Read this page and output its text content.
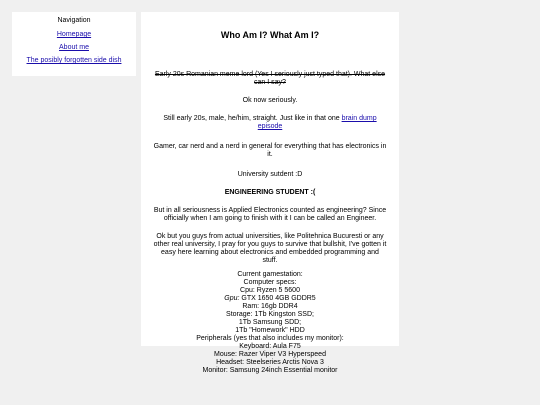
Navigation
Homepage
About me
The posibly forgotten side dish
Who Am I? What Am I?

Early 20s Romanian meme lord (Yes I seriously just typed that). What else can I say?

Ok now seriously.

Still early 20s, male, he/him, straight. Just like in that one brain dump episode

Gamer, car nerd and a nerd in general for everything that has electronics in it.

University sutdent :D

ENGINEERING STUDENT :(

But in all seriousness is Applied Electronics counted as engineering? Since officially when I am going to finish with it I can be called an Engineer.

Ok but you guys from actual universities, like Politehnica Bucuresti or any other real university, I pray for you guys to survive that bullshit, I've gotten it easy here learning about electronics and embedded programming and stuff.

Current gamestation:
Computer specs:
Cpu: Ryzen 5 5600
Gpu: GTX 1650 4GB GDDR5
Ram: 16gb DDR4
Storage: 1Tb Kingston SSD;
1Tb Samsung SDD;
1Tb "Homework" HDD
Peripherals (yes that also includes my monitor):
Keyboard: Aula F75
Mouse: Razer Viper V3 Hyperspeed
Headset: Steelseries Arctis Nova 3
Monitor: Samsung 24inch Essential monitor
